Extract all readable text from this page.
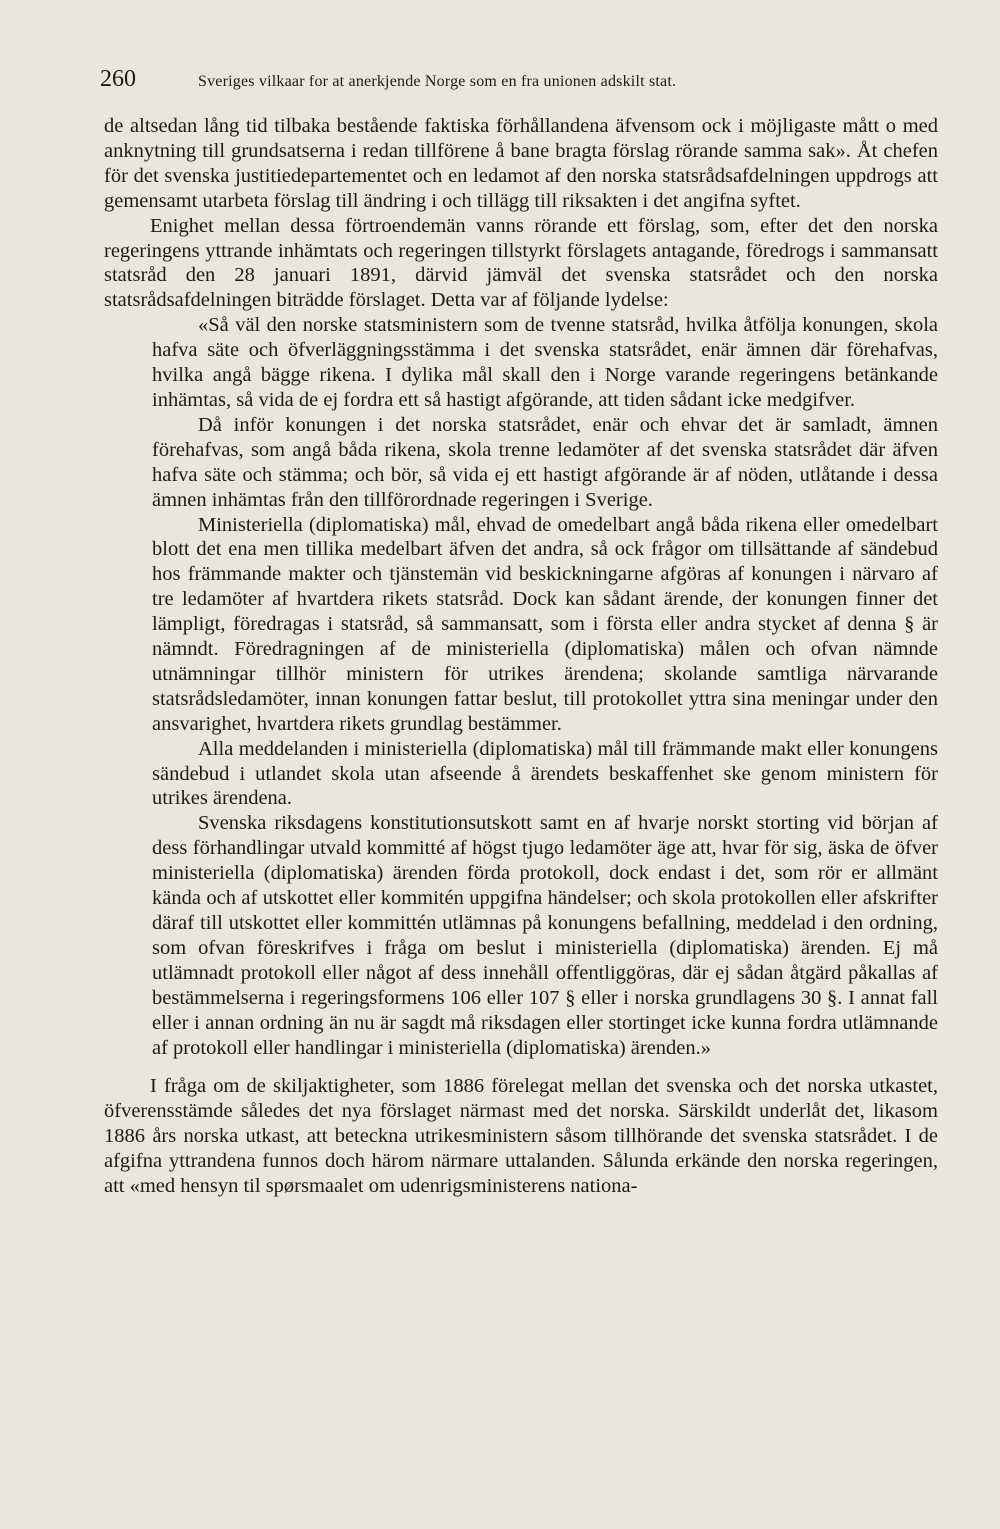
260	Sveriges vilkaar for at anerkjende Norge som en fra unionen adskilt stat.

de altsedan lång tid tilbaka bestående faktiska förhållandena äfvensom ock i möjligaste mått o med anknytning till grundsatserna i redan tillförene å bane bragta förslag rörande samma sak». Åt chefen för det svenska justitiedepartementet och en ledamot af den norska statsrådsafdelningen uppdrogs att gemensamt utarbeta förslag till ändring i och tillägg till riksakten i det angifna syftet.

Enighet mellan dessa förtroendemän vanns rörande ett förslag, som, efter det den norska regeringens yttrande inhämtats och regeringen tillstyrkt förslagets antagande, föredrogs i sammansatt statsråd den 28 januari 1891, därvid jämväl det svenska statsrådet och den norska statsrådsafdelningen biträdde förslaget. Detta var af följande lydelse:

«Så väl den norske statsministern som de tvenne statsråd, hvilka åtfölja konungen, skola hafva säte och öfverläggningsstämma i det svenska statsrådet, enär ämnen där förehafvas, hvilka angå bägge rikena. I dylika mål skall den i Norge varande regeringens betänkande inhämtas, så vida de ej fordra ett så hastigt afgörande, att tiden sådant icke medgifver.

Då inför konungen i det norska statsrådet, enär och ehvar det är samladt, ämnen förehafvas, som angå båda rikena, skola trenne ledamöter af det svenska statsrådet där äfven hafva säte och stämma; och bör, så vida ej ett hastigt afgörande är af nöden, utlåtande i dessa ämnen inhämtas från den tillförordnade regeringen i Sverige.

Ministeriella (diplomatiska) mål, ehvad de omedelbart angå båda rikena eller omedelbart blott det ena men tillika medelbart äfven det andra, så ock frågor om tillsättande af sändebud hos främmande makter och tjänstemän vid beskickningarne afgöras af konungen i närvaro af tre ledamöter af hvartdera rikets statsråd. Dock kan sådant ärende, der konungen finner det lämpligt, föredragas i statsråd, så sammansatt, som i första eller andra stycket af denna § är nämndt. Föredragningen af de ministeriella (diplomatiska) målen och ofvan nämnde utnämningar tillhör ministern för utrikes ärendena; skolande samtliga närvarande statsrådsledamöter, innan konungen fattar beslut, till protokollet yttra sina meningar under den ansvarighet, hvartdera rikets grundlag bestämmer.

Alla meddelanden i ministeriella (diplomatiska) mål till främmande makt eller konungens sändebud i utlandet skola utan afseende å ärendets beskaffenhet ske genom ministern för utrikes ärendena.

Svenska riksdagens konstitutionsutskott samt en af hvarje norskt storting vid början af dess förhandlingar utvald kommitté af högst tjugo ledamöter äge att, hvar för sig, äska de öfver ministeriella (diplomatiska) ärenden förda protokoll, dock endast i det, som rör er allmänt kända och af utskottet eller kommitén uppgifna händelser; och skola protokollen eller afskrifter däraf till utskottet eller kommittén utlämnas på konungens befallning, meddelad i den ordning, som ofvan föreskrifves i fråga om beslut i ministeriella (diplomatiska) ärenden. Ej må utlämnadt protokoll eller något af dess innehåll offentliggöras, där ej sådan åtgärd påkallas af bestämmelserna i regeringsformens 106 eller 107 § eller i norska grundlagens 30 §. I annat fall eller i annan ordning än nu är sagdt må riksdagen eller stortinget icke kunna fordra utlämnande af protokoll eller handlingar i ministeriella (diplomatiska) ärenden.»

I fråga om de skiljaktigheter, som 1886 förelegat mellan det svenska och det norska utkastet, öfverensstämde således det nya förslaget närmast med det norska. Särskildt underlåt det, likasom 1886 års norska utkast, att beteckna utrikesministern såsom tillhörande det svenska statsrådet. I de afgifna yttrandena funnos doch härom närmare uttalanden. Sålunda erkände den norska regeringen, att «med hensyn til spørsmaalet om udenrigsministerens nationa-
